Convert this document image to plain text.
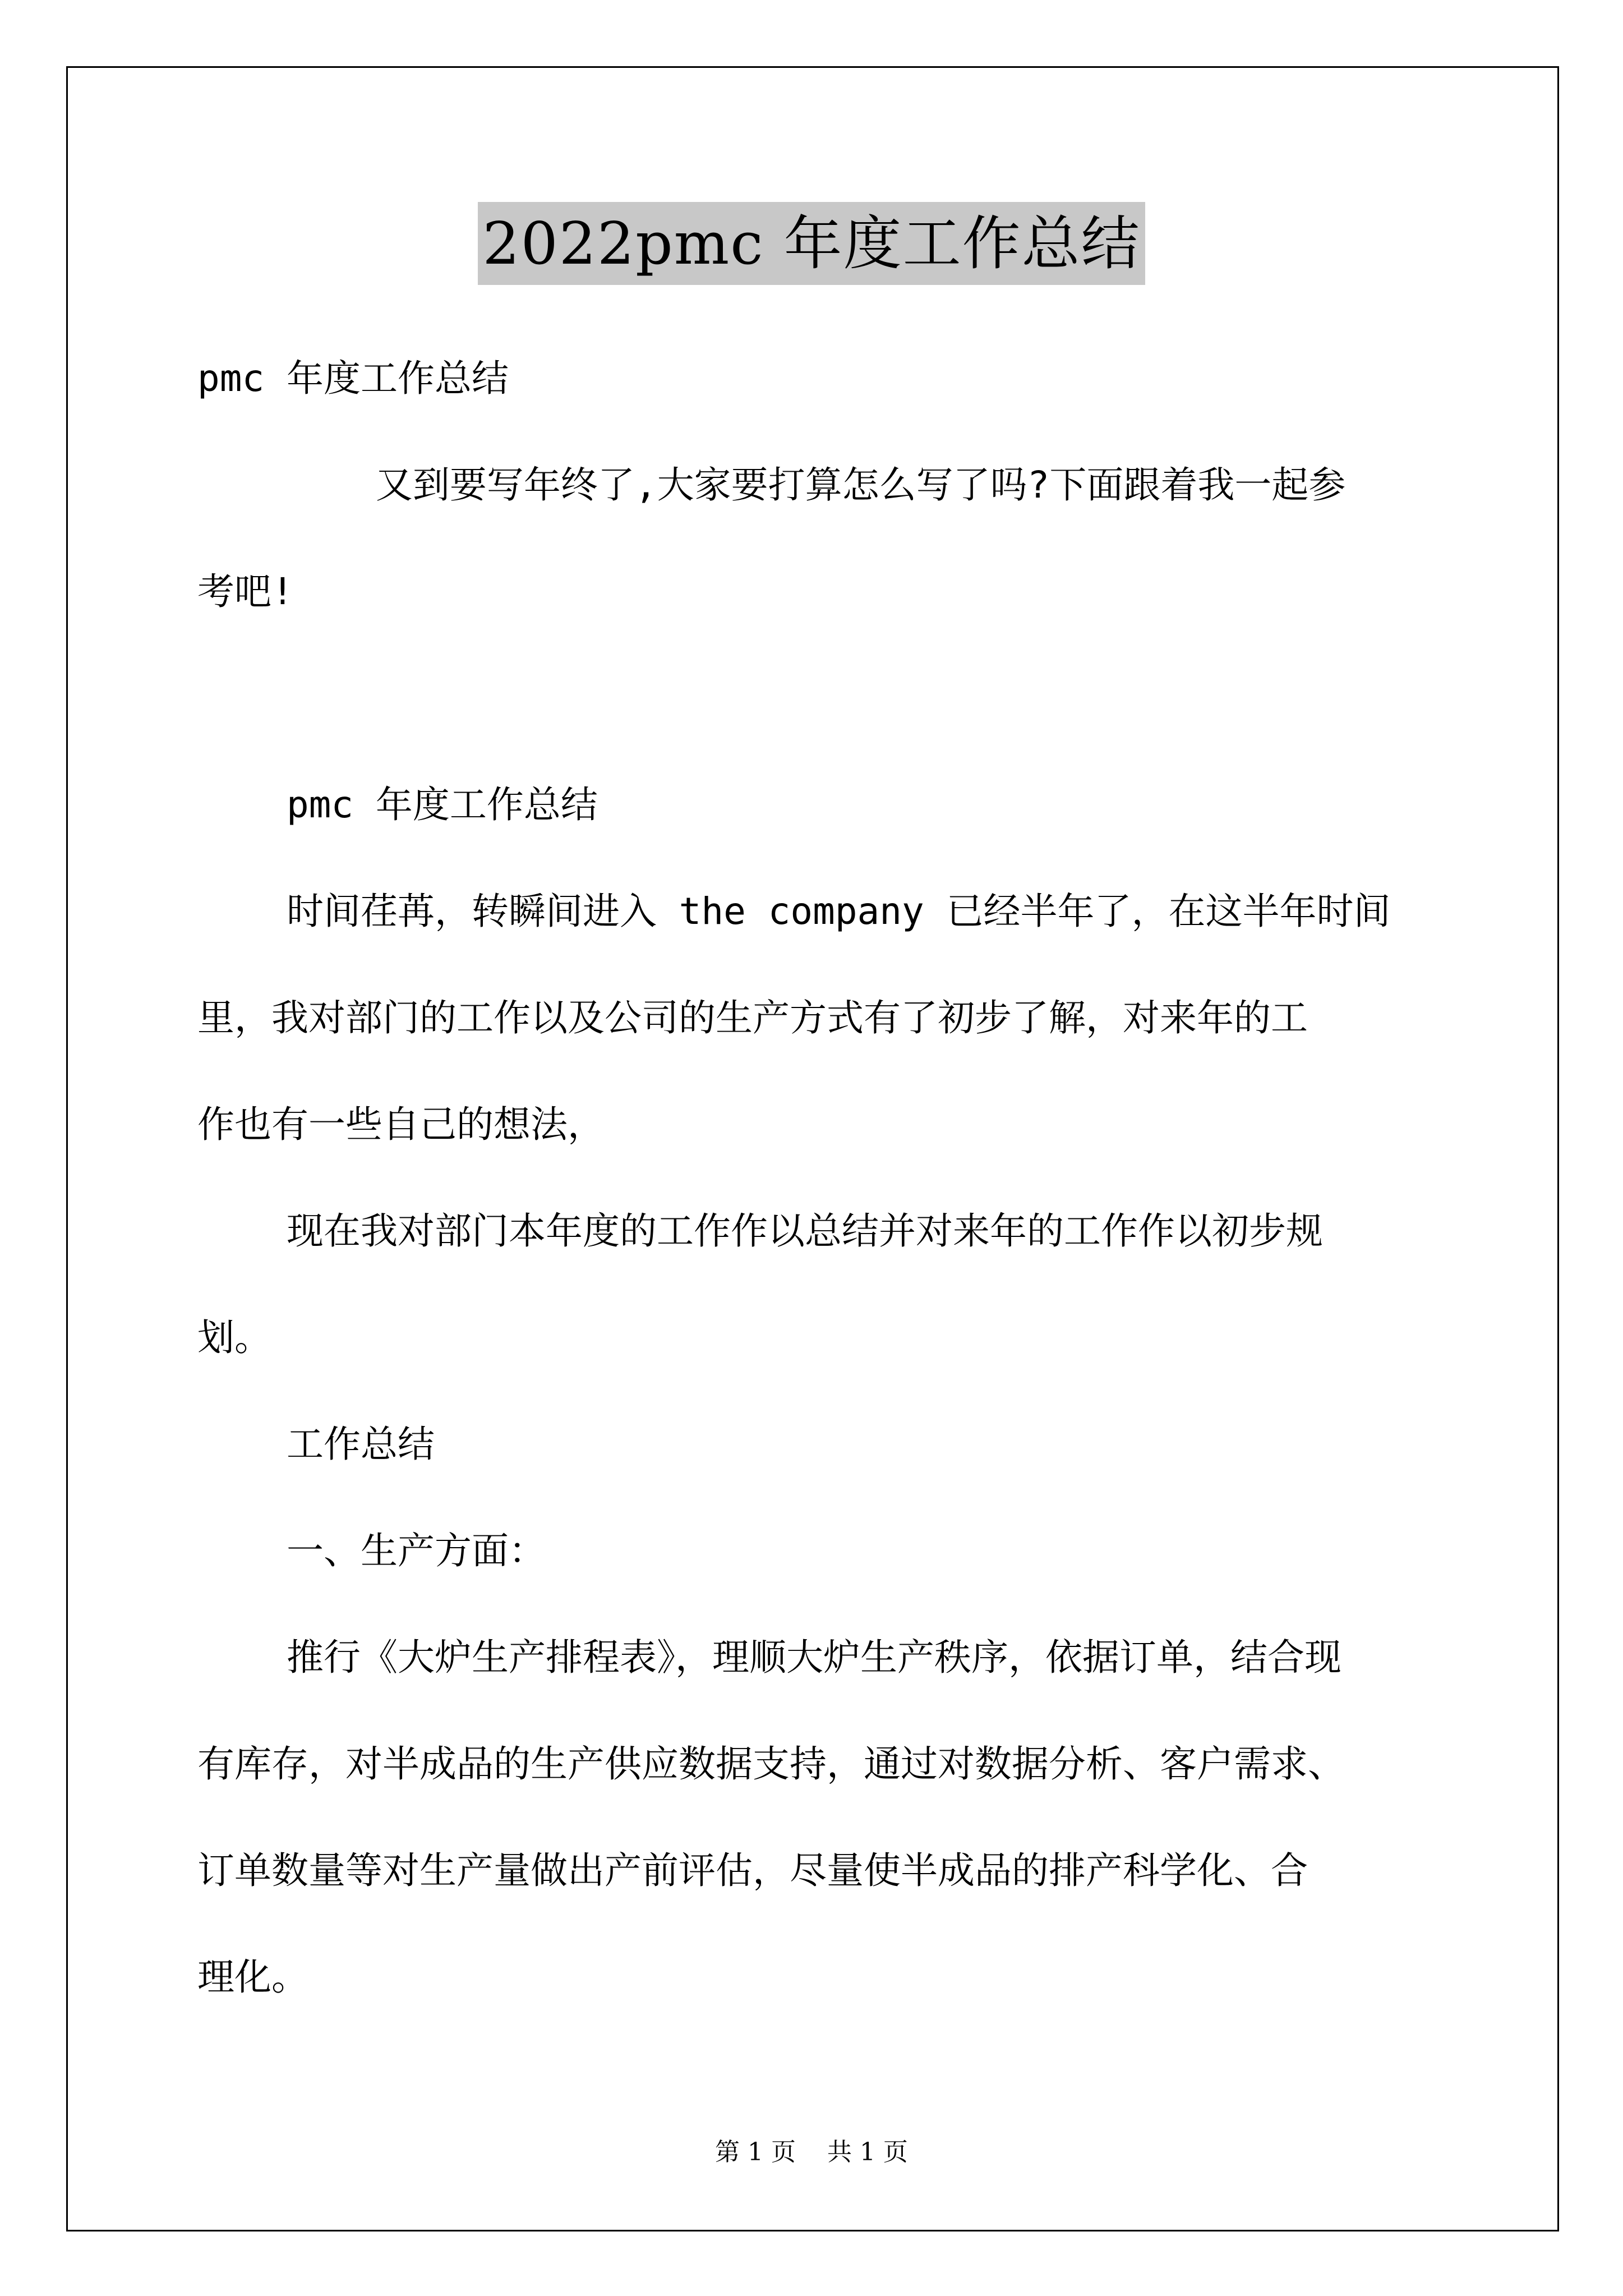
2022pmc 年度工作总结
pmc 年度工作总结
又到要写年终了,大家要打算怎么写了吗?下面跟着我一起参
考吧!
pmc 年度工作总结
时间荏苒，转瞬间进入 the company 已经半年了，在这半年时间
里，我对部门的工作以及公司的生产方式有了初步了解，对来年的工
作也有一些自己的想法，
现在我对部门本年度的工作作以总结并对来年的工作作以初步规
划。
工作总结
一、生产方面：
推行《大炉生产排程表》，理顺大炉生产秩序，依据订单，结合现
有库存，对半成品的生产供应数据支持，通过对数据分析、客户需求、
订单数量等对生产量做出产前评估，尽量使半成品的排产科学化、合
理化。
第 1 页 共 1 页
